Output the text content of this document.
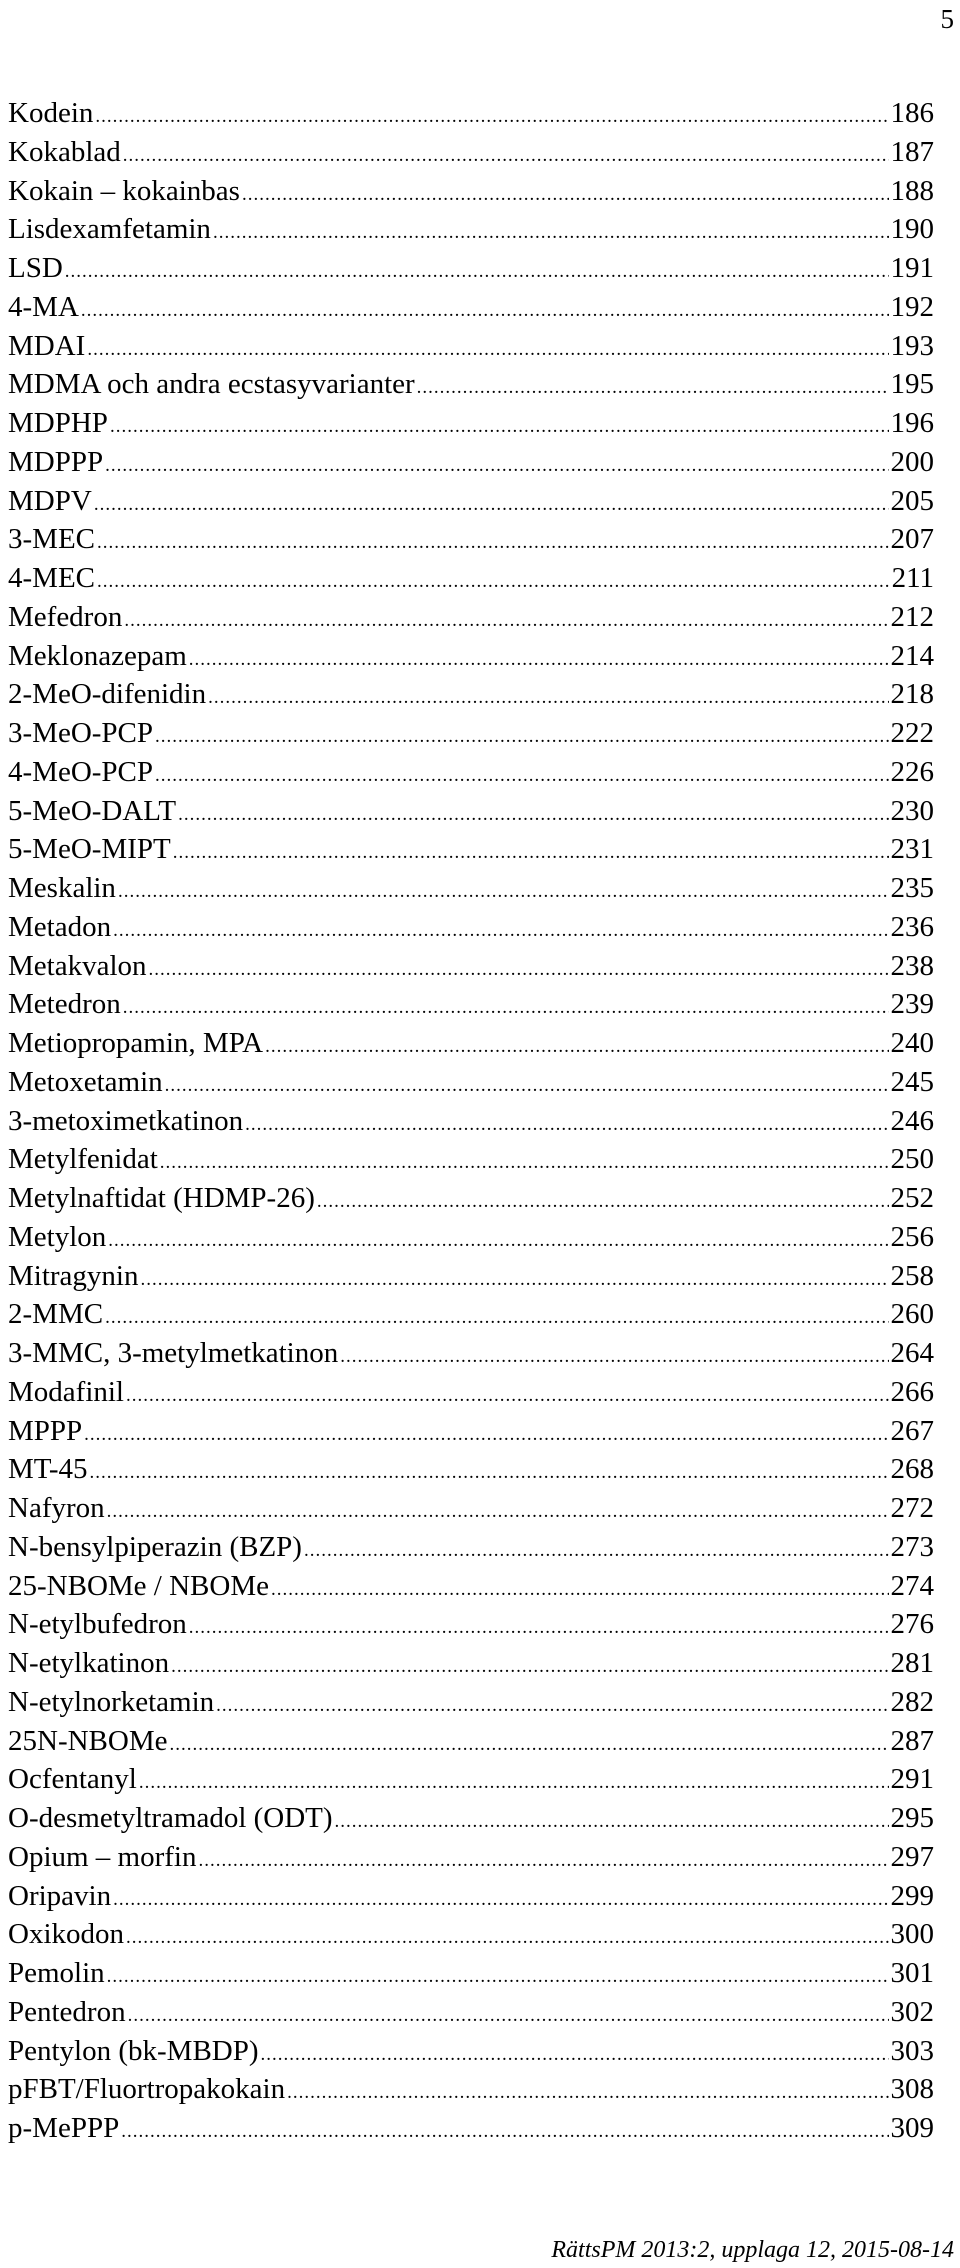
5
Kodein .....	186
Kokablad .....	187
Kokain – kokainbas .....	188
Lisdexamfetamin .....	190
LSD .....	191
4-MA .....	192
MDAI .....	193
MDMA och andra ecstasyvarianter .....	195
MDPHP .....	196
MDPPP .....	200
MDPV .....	205
3-MEC .....	207
4-MEC .....	211
Mefedron .....	212
Meklonazepam .....	214
2-MeO-difenidin .....	218
3-MeO-PCP .....	222
4-MeO-PCP .....	226
5-MeO-DALT .....	230
5-MeO-MIPT .....	231
Meskalin .....	235
Metadon .....	236
Metakvalon .....	238
Metedron .....	239
Metiopropamin, MPA .....	240
Metoxetamin .....	245
3-metoximetkatinon .....	246
Metylfenidat .....	250
Metylnaftidat (HDMP-26) .....	252
Metylon .....	256
Mitragynin .....	258
2-MMC .....	260
3-MMC, 3-metylmetkatinon .....	264
Modafinil .....	266
MPPP .....	267
MT-45 .....	268
Nafyron .....	272
N-bensylpiperazin (BZP) .....	273
25-NBOMe / NBOMe .....	274
N-etylbufedron .....	276
N-etylkatinon .....	281
N-etylnorketamin .....	282
25N-NBOMe .....	287
Ocfentanyl .....	291
O-desmetyltramadol (ODT) .....	295
Opium – morfin .....	297
Oripavin .....	299
Oxikodon .....	300
Pemolin .....	301
Pentedron .....	302
Pentylon (bk-MBDP) .....	303
pFBT/Fluortropakokain .....	308
p-MePPP .....	309
RättsPM 2013:2, upplaga 12, 2015-08-14
